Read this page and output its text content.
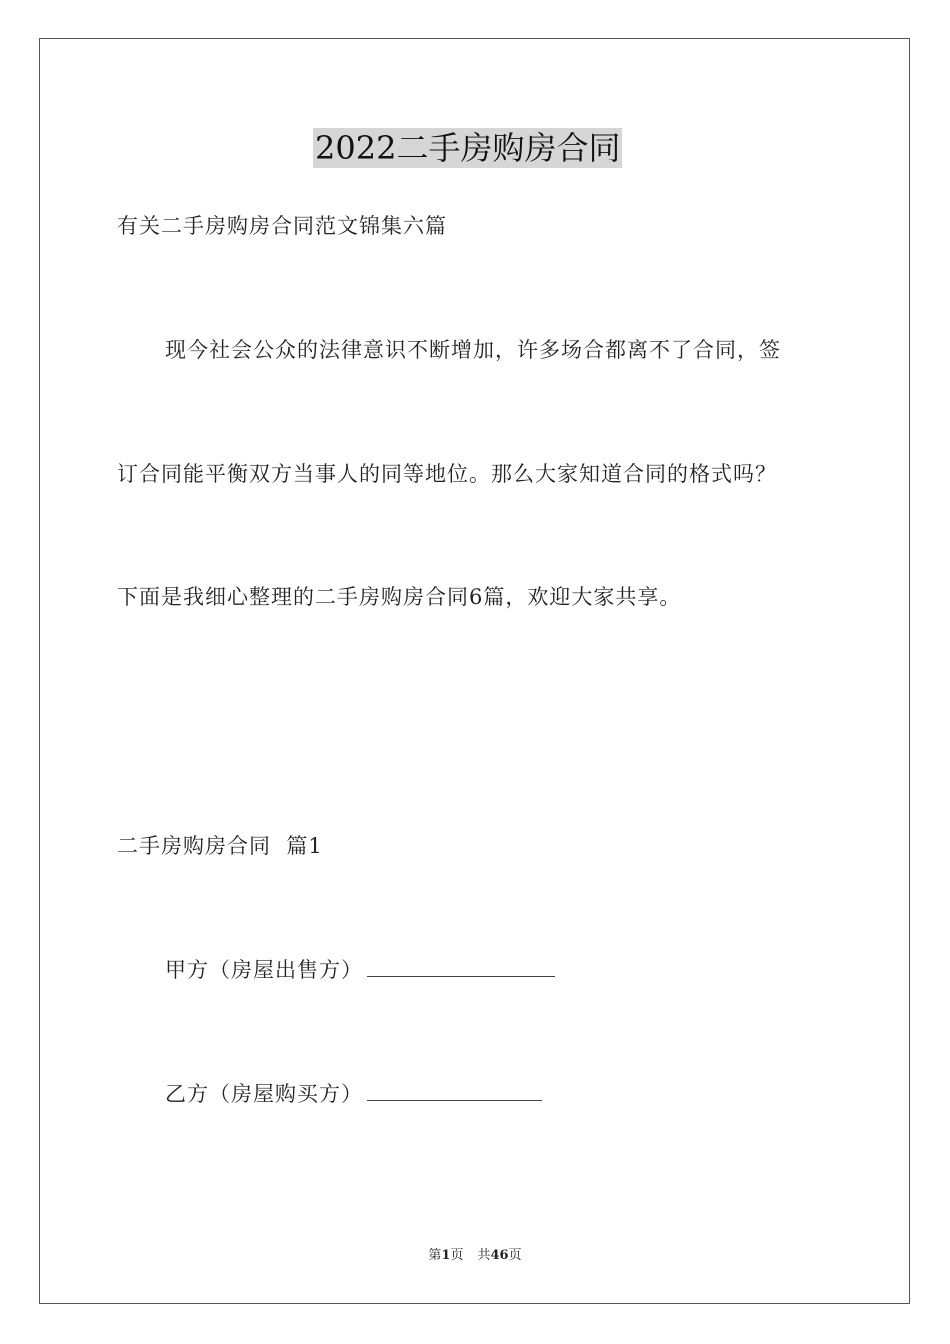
2022二手房购房合同
有关二手房购房合同范文锦集六篇
现今社会公众的法律意识不断增加，许多场合都离不了合同，签
订合同能平衡双方当事人的同等地位。那么大家知道合同的格式吗？
下面是我细心整理的二手房购房合同6篇，欢迎大家共享。
二手房购房合同  篇1
甲方（房屋出售方）
乙方（房屋购买方）
第1页 共46页
